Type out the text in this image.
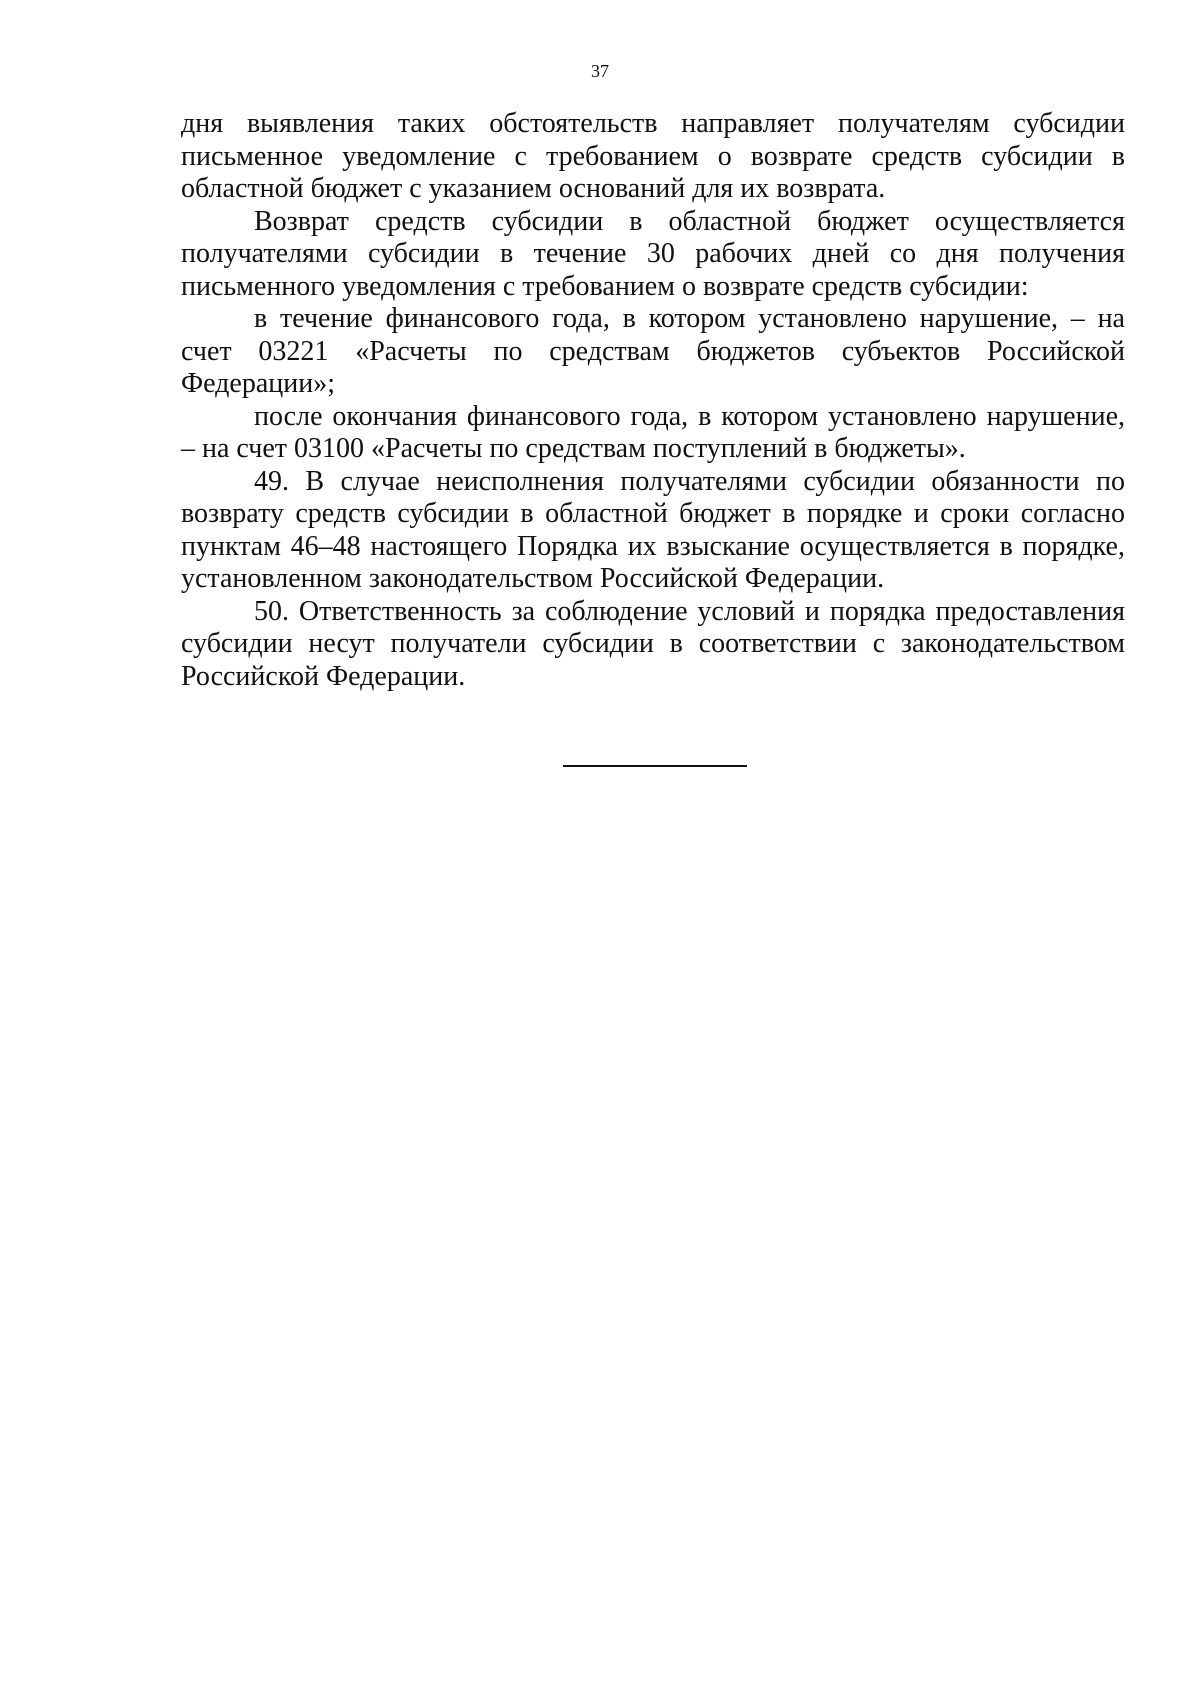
37

дня выявления таких обстоятельств направляет получателям субсидии письменное уведомление с требованием о возврате средств субсидии в областной бюджет с указанием оснований для их возврата.

Возврат средств субсидии в областной бюджет осуществляется получателями субсидии в течение 30 рабочих дней со дня получения письменного уведомления с требованием о возврате средств субсидии:

в течение финансового года, в котором установлено нарушение, – на счет 03221 «Расчеты по средствам бюджетов субъектов Российской Федерации»;

после окончания финансового года, в котором установлено нарушение, – на счет 03100 «Расчеты по средствам поступлений в бюджеты».

49. В случае неисполнения получателями субсидии обязанности по возврату средств субсидии в областной бюджет в порядке и сроки согласно пунктам 46–48 настоящего Порядка их взыскание осуществляется в порядке, установленном законодательством Российской Федерации.

50. Ответственность за соблюдение условий и порядка предоставления субсидии несут получатели субсидии в соответствии с законодательством Российской Федерации.
